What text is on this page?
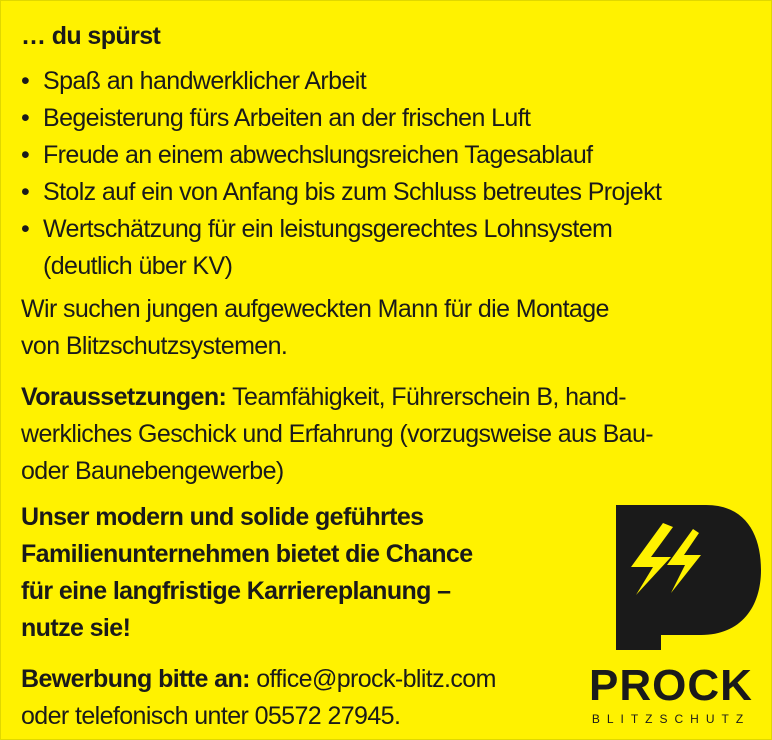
… du spürst
• Spaß an handwerklicher Arbeit
• Begeisterung fürs Arbeiten an der frischen Luft
• Freude an einem abwechslungsreichen Tagesablauf
• Stolz auf ein von Anfang bis zum Schluss betreutes Projekt
• Wertschätzung für ein leistungsgerechtes Lohnsystem
(deutlich über KV)
Wir suchen jungen aufgeweckten Mann für die Montage
von Blitzschutzsystemen.
Voraussetzungen: Teamfähigkeit, Führerschein B, hand-
werkliches Geschick und Erfahrung (vorzugsweise aus Bau-
oder Baunebengewerbe)
Unser modern und solide geführtes
Familienunternehmen bietet die Chance
für eine langfristige Karriereplanung –
nutze sie!
Bewerbung bitte an: office@prock-blitz.com
oder telefonisch unter 05572 27945.
PROCK
BLITZSCHUTZ
